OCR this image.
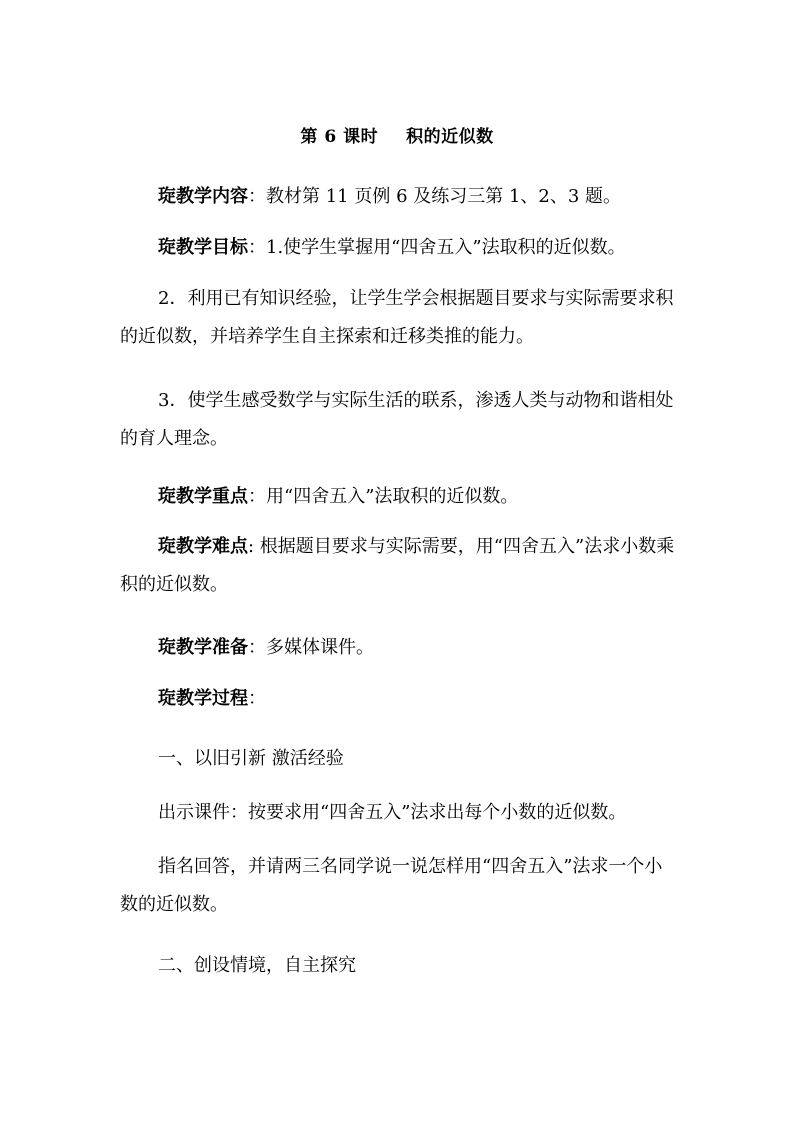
第 6 课时 积的近似数
琁教学内容：教材第 11 页例 6 及练习三第 1、2、3 题。
琁教学目标：1.使学生掌握用“四舍五入”法取积的近似数。
2．利用已有知识经验，让学生学会根据题目要求与实际需要求积的近似数，并培养学生自主探索和迁移类推的能力。
3．使学生感受数学与实际生活的联系，渗透人类与动物和谐相处的育人理念。
琁教学重点：用“四舍五入”法取积的近似数。
琁教学难点: 根据题目要求与实际需要，用“四舍五入”法求小数乘积的近似数。
琁教学准备：多媒体课件。
琁教学过程：
一、以旧引新 激活经验
出示课件：按要求用“四舍五入”法求出每个小数的近似数。
指名回答，并请两三名同学说一说怎样用“四舍五入”法求一个小数的近似数。
二、创设情境，自主探究
